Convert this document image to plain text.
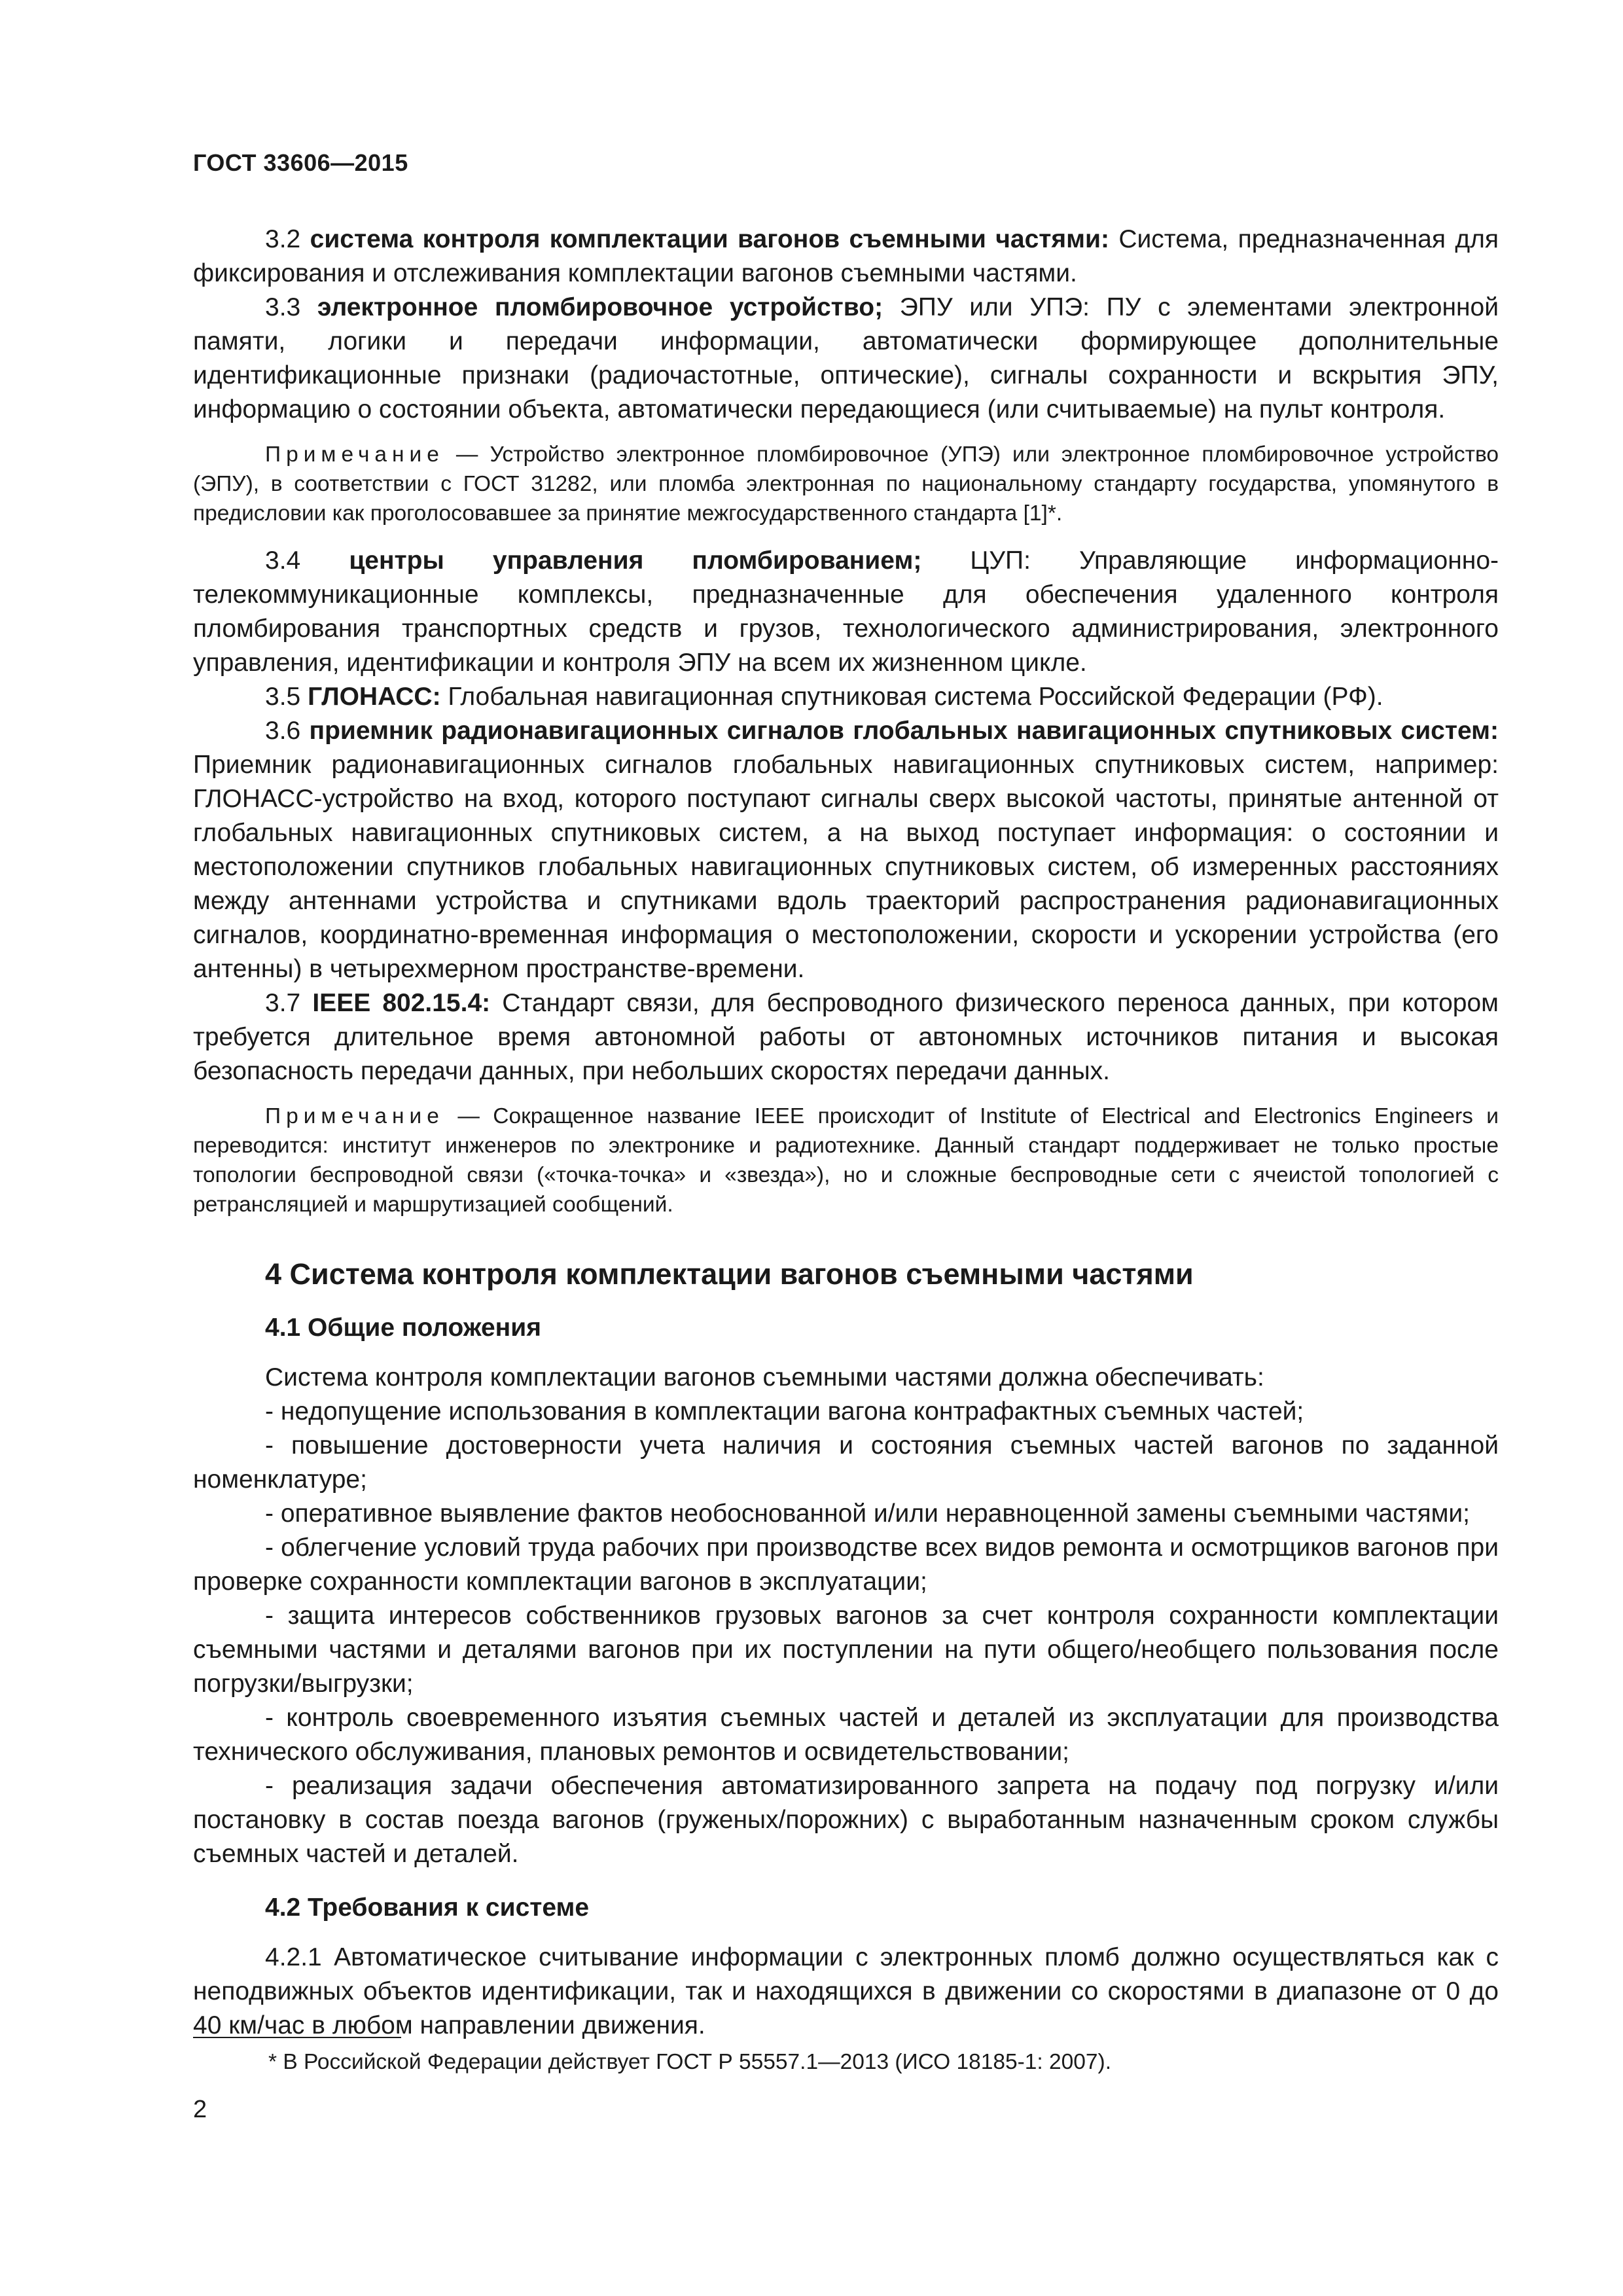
ГОСТ 33606—2015

3.2 система контроля комплектации вагонов съемными частями: Система, предназначенная для фиксирования и отслеживания комплектации вагонов съемными частями.

3.3 электронное пломбировочное устройство; ЭПУ или УПЭ: ПУ с элементами электронной памяти, логики и передачи информации, автоматически формирующее дополнительные идентификационные признаки (радиочастотные, оптические), сигналы сохранности и вскрытия ЭПУ, информацию о состоянии объекта, автоматически передающиеся (или считываемые) на пульт контроля.

Примечание — Устройство электронное пломбировочное (УПЭ) или электронное пломбировочное устройство (ЭПУ), в соответствии с ГОСТ 31282, или пломба электронная по национальному стандарту государства, упомянутого в предисловии как проголосовавшее за принятие межгосударственного стандарта [1]*.

3.4 центры управления пломбированием; ЦУП: Управляющие информационно-телекоммуникационные комплексы, предназначенные для обеспечения удаленного контроля пломбирования транспортных средств и грузов, технологического администрирования, электронного управления, идентификации и контроля ЭПУ на всем их жизненном цикле.

3.5 ГЛОНАСС: Глобальная навигационная спутниковая система Российской Федерации (РФ).

3.6 приемник радионавигационных сигналов глобальных навигационных спутниковых систем: Приемник радионавигационных сигналов глобальных навигационных спутниковых систем, например: ГЛОНАСС-устройство на вход, которого поступают сигналы сверх высокой частоты, принятые антенной от глобальных навигационных спутниковых систем, а на выход поступает информация: о состоянии и местоположении спутников глобальных навигационных спутниковых систем, об измеренных расстояниях между антеннами устройства и спутниками вдоль траекторий распространения радионавигационных сигналов, координатно-временная информация о местоположении, скорости и ускорении устройства (его антенны) в четырехмерном пространстве-времени.

3.7 IEEE 802.15.4: Стандарт связи, для беспроводного физического переноса данных, при котором требуется длительное время автономной работы от автономных источников питания и высокая безопасность передачи данных, при небольших скоростях передачи данных.

Примечание — Сокращенное название IEEE происходит of Institute of Electrical and Electronics Engineers и переводится: институт инженеров по электронике и радиотехнике. Данный стандарт поддерживает не только простые топологии беспроводной связи («точка-точка» и «звезда»), но и сложные беспроводные сети с ячеистой топологией с ретрансляцией и маршрутизацией сообщений.

4 Система контроля комплектации вагонов съемными частями
4.1 Общие положения

Система контроля комплектации вагонов съемными частями должна обеспечивать:

- недопущение использования в комплектации вагона контрафактных съемных частей;

- повышение достоверности учета наличия и состояния съемных частей вагонов по заданной номенклатуре;

- оперативное выявление фактов необоснованной и/или неравноценной замены съемными частями;

- облегчение условий труда рабочих при производстве всех видов ремонта и осмотрщиков вагонов при проверке сохранности комплектации вагонов в эксплуатации;

- защита интересов собственников грузовых вагонов за счет контроля сохранности комплектации съемными частями и деталями вагонов при их поступлении на пути общего/необщего пользования после погрузки/выгрузки;

- контроль своевременного изъятия съемных частей и деталей из эксплуатации для производства технического обслуживания, плановых ремонтов и освидетельствовании;

- реализация задачи обеспечения автоматизированного запрета на подачу под погрузку и/или постановку в состав поезда вагонов (груженых/порожних) с выработанным назначенным сроком службы съемных частей и деталей.

4.2 Требования к системе

4.2.1 Автоматическое считывание информации с электронных пломб должно осуществляться как с неподвижных объектов идентификации, так и находящихся в движении со скоростями в диапазоне от 0 до 40 км/час в любом направлении движения.

* В Российской Федерации действует ГОСТ Р 55557.1—2013 (ИСО 18185-1: 2007).
2
